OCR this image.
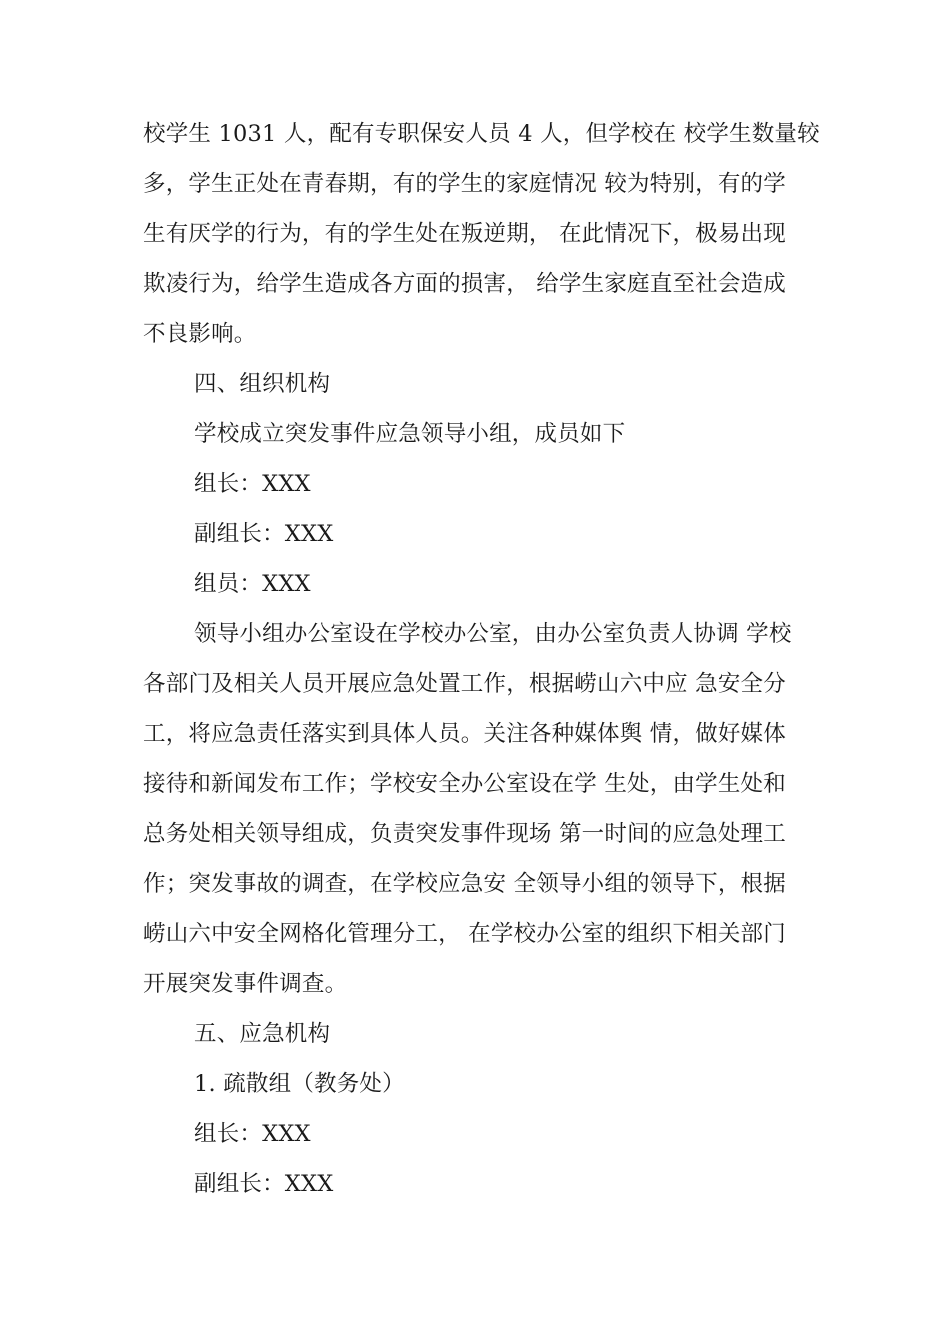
校学生 1031 人，配有专职保安人员 4 人，但学校在 校学生数量较
多，学生正处在青春期，有的学生的家庭情况 较为特别，有的学
生有厌学的行为，有的学生处在叛逆期， 在此情况下，极易出现
欺凌行为，给学生造成各方面的损害， 给学生家庭直至社会造成
不良影响。
四、组织机构
学校成立突发事件应急领导小组，成员如下
组长：XXX
副组长：XXX
组员：XXX
领导小组办公室设在学校办公室，由办公室负责人协调 学校
各部门及相关人员开展应急处置工作，根据崂山六中应 急安全分
工，将应急责任落实到具体人员。关注各种媒体舆 情，做好媒体
接待和新闻发布工作；学校安全办公室设在学 生处，由学生处和
总务处相关领导组成，负责突发事件现场 第一时间的应急处理工
作；突发事故的调查，在学校应急安 全领导小组的领导下，根据
崂山六中安全网格化管理分工， 在学校办公室的组织下相关部门
开展突发事件调查。
五、应急机构
1. 疏散组（教务处）
组长：XXX
副组长：XXX
